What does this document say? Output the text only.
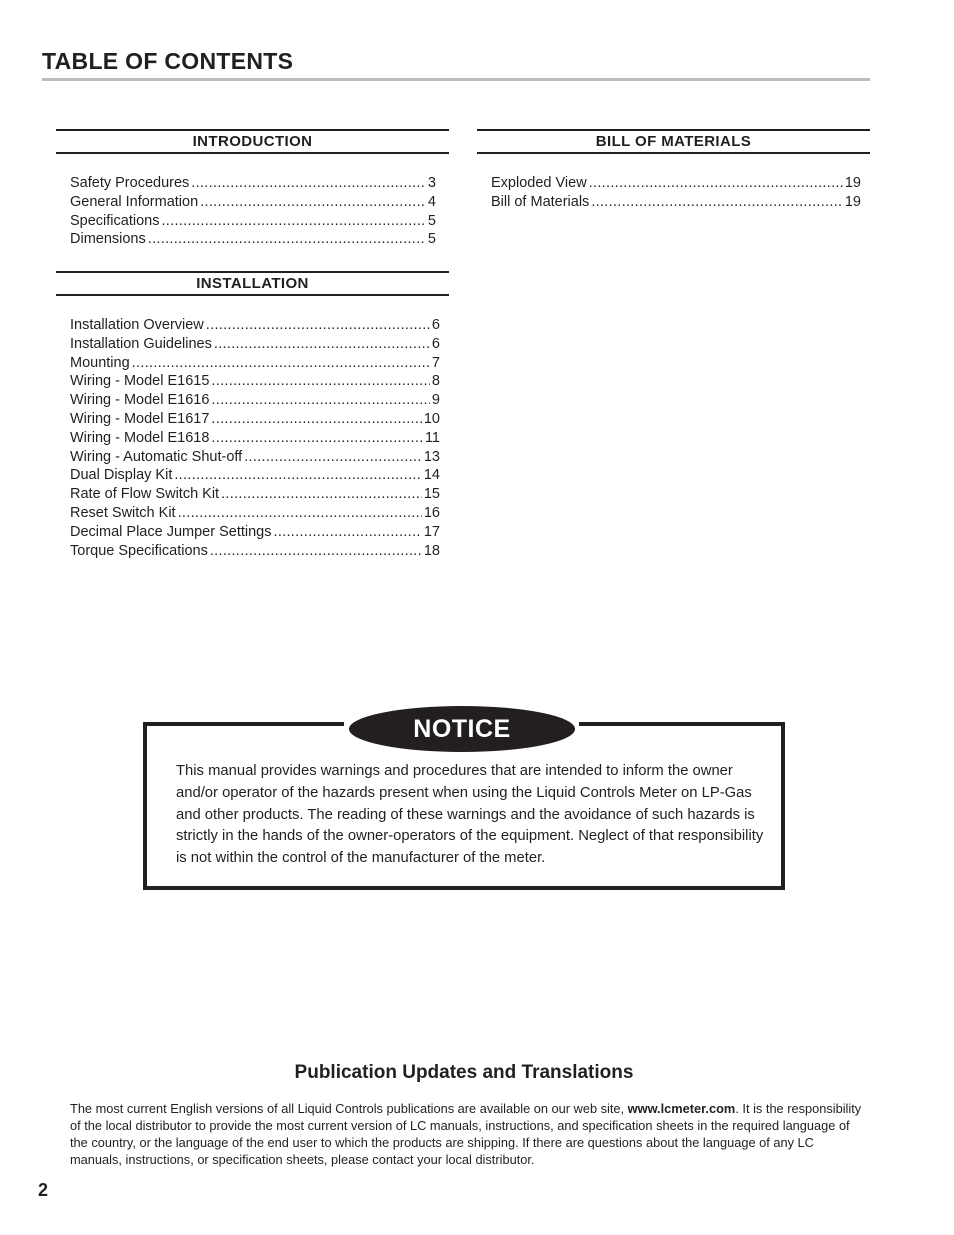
TABLE OF CONTENTS
INTRODUCTION
Safety Procedures .....	3
General Information .....	4
Specifications .....	5
Dimensions .....	5
INSTALLATION
Installation Overview .....	6
Installation Guidelines .....	6
Mounting .....	7
Wiring - Model E1615 .....	8
Wiring - Model E1616 .....	9
Wiring - Model E1617 .....	10
Wiring - Model E1618 .....	11
Wiring - Automatic Shut-off .....	13
Dual Display Kit .....	14
Rate of Flow Switch Kit .....	15
Reset Switch Kit .....	16
Decimal Place Jumper Settings .....	17
Torque Specifications .....	18
BILL OF MATERIALS
Exploded View .....	19
Bill of Materials .....	19
NOTICE

This manual provides warnings and procedures that are intended to inform the owner and/or operator of the hazards present when using the Liquid Controls Meter on LP-Gas and other products. The reading of these warnings and the avoidance of such hazards is strictly in the hands of the owner-operators of the equipment. Neglect of that responsibility is not within the control of the manufacturer of the meter.

Publication Updates and Translations

The most current English versions of all Liquid Controls publications are available on our web site, www.lcmeter.com. It is the responsibility of the local distributor to provide the most current version of LC manuals, instructions, and specification sheets in the required language of the country, or the language of the end user to which the products are shipping. If there are questions about the language of any LC manuals, instructions, or specification sheets, please contact your local distributor.

2
